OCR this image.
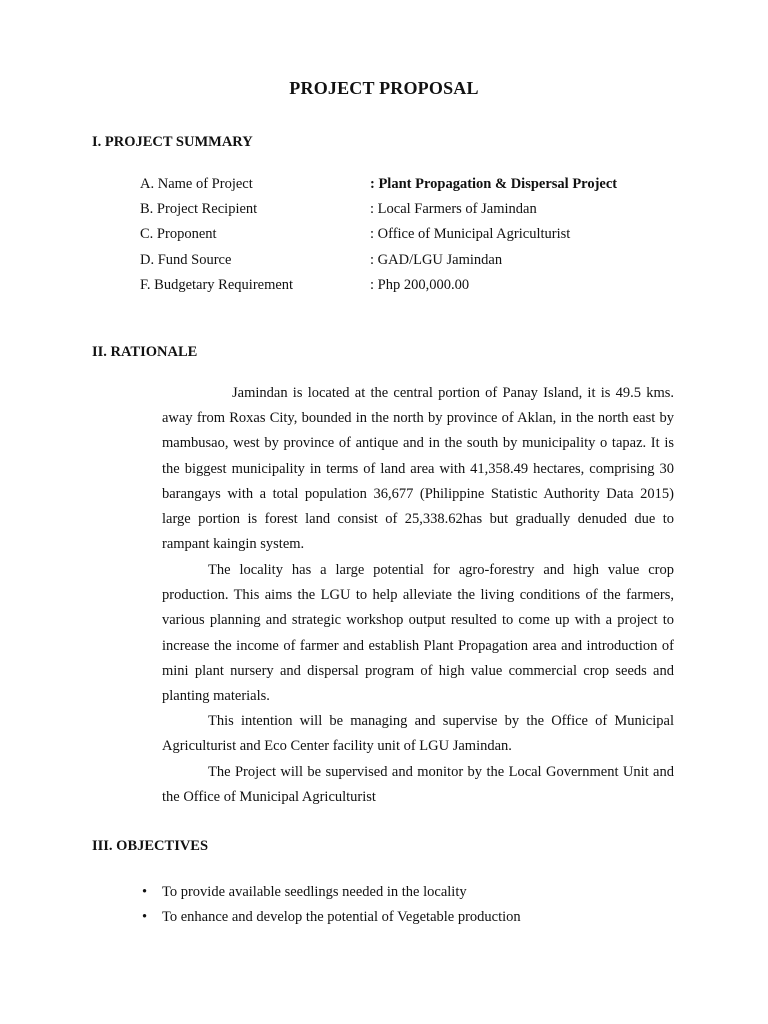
PROJECT PROPOSAL
I. PROJECT SUMMARY
A. Name of Project	: Plant Propagation & Dispersal Project
B. Project Recipient	: Local Farmers of Jamindan
C. Proponent	: Office of Municipal Agriculturist
D. Fund Source	: GAD/LGU Jamindan
F. Budgetary Requirement	: Php 200,000.00
II. RATIONALE
Jamindan is located at the central portion of Panay Island, it is 49.5 kms. away from Roxas City, bounded in the north by province of Aklan, in the north east by mambusao, west by province of antique and in the south by municipality o tapaz. It is the biggest municipality in terms of land area with 41,358.49 hectares, comprising 30 barangays with a total population 36,677 (Philippine Statistic Authority Data 2015) large portion is forest land consist of 25,338.62has but gradually denuded due to rampant kaingin system.
The locality has a large potential for agro-forestry and high value crop production. This aims the LGU to help alleviate the living conditions of the farmers, various planning and strategic workshop output resulted to come up with a project to increase the income of farmer and establish Plant Propagation area and introduction of mini plant nursery and dispersal program of high value commercial crop seeds and planting materials.
This intention will be managing and supervise by the Office of Municipal Agriculturist and Eco Center facility unit of LGU Jamindan.
The Project will be supervised and monitor by the Local Government Unit and the Office of Municipal Agriculturist
III. OBJECTIVES
• To provide available seedlings needed in the locality
• To enhance and develop the potential of Vegetable production
